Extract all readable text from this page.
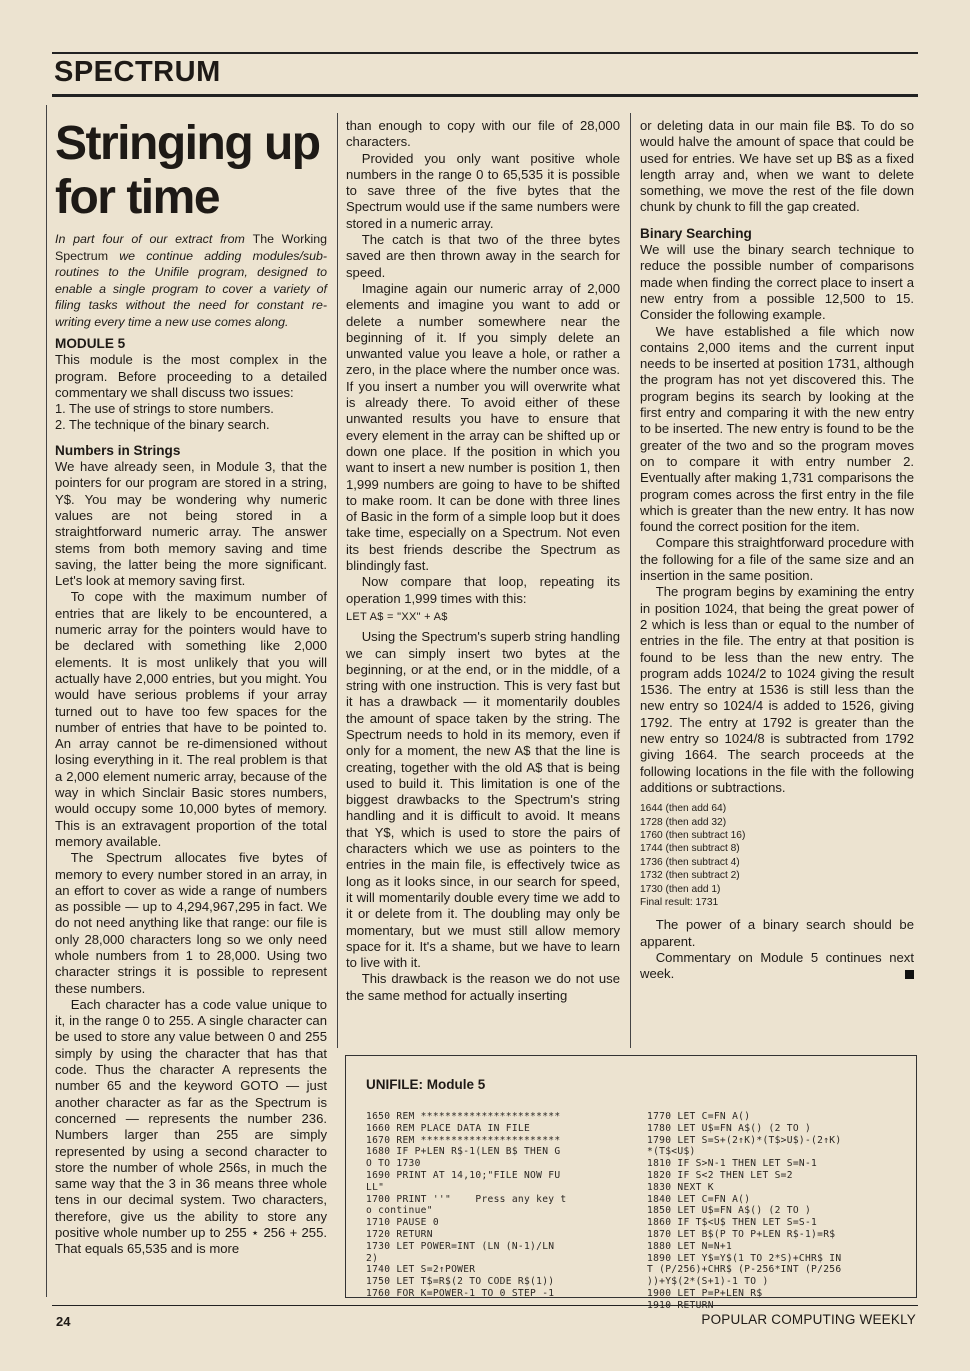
SPECTRUM
Stringing up for time

In part four of our extract from The Working Spectrum we continue adding modules/sub-routines to the Unifile program, designed to enable a single program to cover a variety of filing tasks without the need for constant re-writing every time a new use comes along.

MODULE 5

This module is the most complex in the program. Before proceeding to a detailed commentary we shall discuss two issues:

1. The use of strings to store numbers.

2. The technique of the binary search.

Numbers in Strings

We have already seen, in Module 3, that the pointers for our program are stored in a string, Y$. You may be wondering why numeric values are not being stored in a straightforward numeric array. The answer stems from both memory saving and time saving, the latter being the more significant. Let's look at memory saving first.

To cope with the maximum number of entries that are likely to be encountered, a numeric array for the pointers would have to be declared with something like 2,000 elements. It is most unlikely that you will actually have 2,000 entries, but you might. You would have serious problems if your array turned out to have too few spaces for the number of entries that have to be pointed to. An array cannot be re-dimensioned without losing everything in it. The real problem is that a 2,000 element numeric array, because of the way in which Sinclair Basic stores numbers, would occupy some 10,000 bytes of memory. This is an extravagent proportion of the total memory available.

The Spectrum allocates five bytes of memory to every number stored in an array, in an effort to cover as wide a range of numbers as possible — up to 4,294,967,295 in fact. We do not need anything like that range: our file is only 28,000 characters long so we only need whole numbers from 1 to 28,000. Using two character strings it is possible to represent these numbers.

Each character has a code value unique to it, in the range 0 to 255. A single character can be used to store any value between 0 and 255 simply by using the character that has that code. Thus the character A represents the number 65 and the keyword GOTO — just another character as far as the Spectrum is concerned — represents the number 236. Numbers larger than 255 are simply represented by using a second character to store the number of whole 256s, in much the same way that the 3 in 36 means three whole tens in our decimal system. Two characters, therefore, give us the ability to store any positive whole number up to 255 ⋆ 256 + 255. That equals 65,535 and is more

than enough to copy with our file of 28,000 characters.

Provided you only want positive whole numbers in the range 0 to 65,535 it is possible to save three of the five bytes that the Spectrum would use if the same numbers were stored in a numeric array.

The catch is that two of the three bytes saved are then thrown away in the search for speed.

Imagine again our numeric array of 2,000 elements and imagine you want to add or delete a number somewhere near the beginning of it. If you simply delete an unwanted value you leave a hole, or rather a zero, in the place where the number once was. If you insert a number you will overwrite what is already there. To avoid either of these unwanted results you have to ensure that every element in the array can be shifted up or down one place. If the position in which you want to insert a new number is position 1, then 1,999 numbers are going to have to be shifted to make room. It can be done with three lines of Basic in the form of a simple loop but it does take time, especially on a Spectrum. Not even its best friends describe the Spectrum as blindingly fast.

Now compare that loop, repeating its operation 1,999 times with this:

LET A$ = "XX" + A$

Using the Spectrum's superb string handling we can simply insert two bytes at the beginning, or at the end, or in the middle, of a string with one instruction. This is very fast but it has a drawback — it momentarily doubles the amount of space taken by the string. The Spectrum needs to hold in its memory, even if only for a moment, the new A$ that the line is creating, together with the old A$ that is being used to build it. This limitation is one of the biggest drawbacks to the Spectrum's string handling and it is difficult to avoid. It means that Y$, which is used to store the pairs of characters which we use as pointers to the entries in the main file, is effectively twice as long as it looks since, in our search for speed, it will momentarily double every time we add to it or delete from it. The doubling may only be momentary, but we must still allow memory space for it. It's a shame, but we have to learn to live with it.

This drawback is the reason we do not use the same method for actually inserting

or deleting data in our main file B$. To do so would halve the amount of space that could be used for entries. We have set up B$ as a fixed length array and, when we want to delete something, we move the rest of the file down chunk by chunk to fill the gap created.

Binary Searching

We will use the binary search technique to reduce the possible number of comparisons made when finding the correct place to insert a new entry from a possible 12,500 to 15. Consider the following example.

We have established a file which now contains 2,000 items and the current input needs to be inserted at position 1731, although the program has not yet discovered this. The program begins its search by looking at the first entry and comparing it with the new entry to be inserted. The new entry is found to be the greater of the two and so the program moves on to compare it with entry number 2. Eventually after making 1,731 comparisons the program comes across the first entry in the file which is greater than the new entry. It has now found the correct position for the item.

Compare this straightforward procedure with the following for a file of the same size and an insertion in the same position.

The program begins by examining the entry in position 1024, that being the great power of 2 which is less than or equal to the number of entries in the file. The entry at that position is found to be less than the new entry. The program adds 1024/2 to 1024 giving the result 1536. The entry at 1536 is still less than the new entry so 1024/4 is added to 1526, giving 1792. The entry at 1792 is greater than the new entry so 1024/8 is subtracted from 1792 giving 1664. The search proceeds at the following locations in the file with the following additions or subtractions.

1644 (then add 64)
1728 (then add 32)
1760 (then subtract 16)
1744 (then subtract 8)
1736 (then subtract 4)
1732 (then subtract 2)
1730 (then add 1)
Final result: 1731

The power of a binary search should be apparent.

Commentary on Module 5 continues next week.

UNIFILE: Module 5
1650 REM ***********************
1660 REM PLACE DATA IN FILE
1670 REM ***********************
1680 IF P+LEN R$-1(LEN B$ THEN G
O TO 1730
1690 PRINT AT 14,10;"FILE NOW FU
LL"
1700 PRINT ''"    Press any key t
o continue"
1710 PAUSE 0
1720 RETURN
1730 LET POWER=INT (LN (N-1)/LN
2)
1740 LET S=2↑POWER
1750 LET T$=R$(2 TO CODE R$(1))
1760 FOR K=POWER-1 TO 0 STEP -1
1770 LET C=FN A()
1780 LET U$=FN A$() (2 TO )
1790 LET S=S+(2↑K)*(T$>U$)-(2↑K)
*(T$<U$)
1810 IF S>N-1 THEN LET S=N-1
1820 IF S<2 THEN LET S=2
1830 NEXT K
1840 LET C=FN A()
1850 LET U$=FN A$() (2 TO )
1860 IF T$<U$ THEN LET S=S-1
1870 LET B$(P TO P+LEN R$-1)=R$
1880 LET N=N+1
1890 LET Y$=Y$(1 TO 2*S)+CHR$ IN
T (P/256)+CHR$ (P-256*INT (P/256
))+Y$(2*(S+1)-1 TO )
1900 LET P=P+LEN R$
1910 RETURN
24	POPULAR COMPUTING WEEKLY
